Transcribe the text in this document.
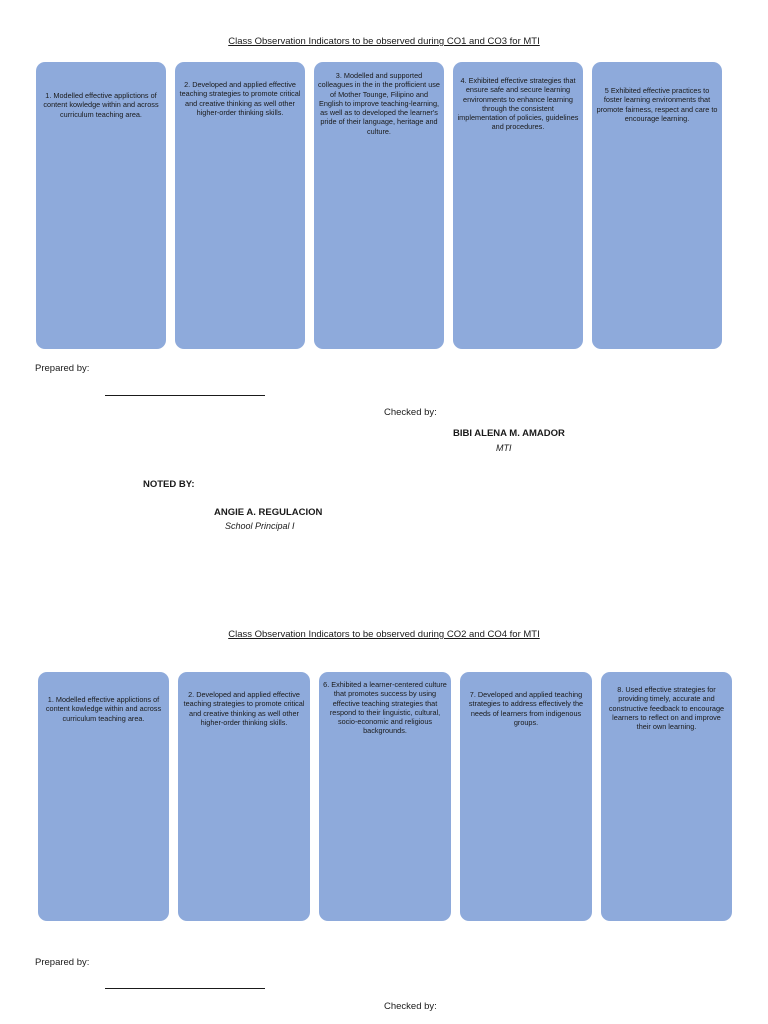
Class Observation Indicators to be observed during CO1 and CO3 for MTI
1. Modelled effective applictions of content kowledge within and across curriculum teaching area.
2. Developed and applied effective teaching strategies to promote critical and creative thinking as well other higher-order thinking skills.
3. Modelled and supported colleagues in the in the profficient use of Mother Tounge, Filipino and English to improve teaching-learning, as well as to developed the learner's pride of their language, heritage and culture.
4. Exhibited effective strategies that ensure safe and secure learning environments to enhance learning through the consistent implementation of policies, guidelines and procedures.
5 Exhibited effective practices to foster learning environments that promote fairness, respect and care to encourage learning.
Prepared by:
Checked by:
BIBI ALENA M. AMADOR
MTI
NOTED BY:
ANGIE A. REGULACION
School Principal I
Class Observation Indicators to be observed during CO2 and CO4 for MTI
1. Modelled effective applictions of content kowledge within and across curriculum teaching area.
2. Developed and applied effective teaching strategies to promote critical and creative thinking as well other higher-order thinking skills.
6. Exhibited a learner-centered culture that promotes success by using effective teaching strategies that respond to their linguistic, cultural, socio-economic and religious backgrounds.
7. Developed and applied teaching strategies to address effectively the needs of learners from indigenous groups.
8. Used effective strategies for providing timely, accurate and constructive feedback to encourage learners to reflect on and improve their own learning.
Prepared by:
Checked by:
